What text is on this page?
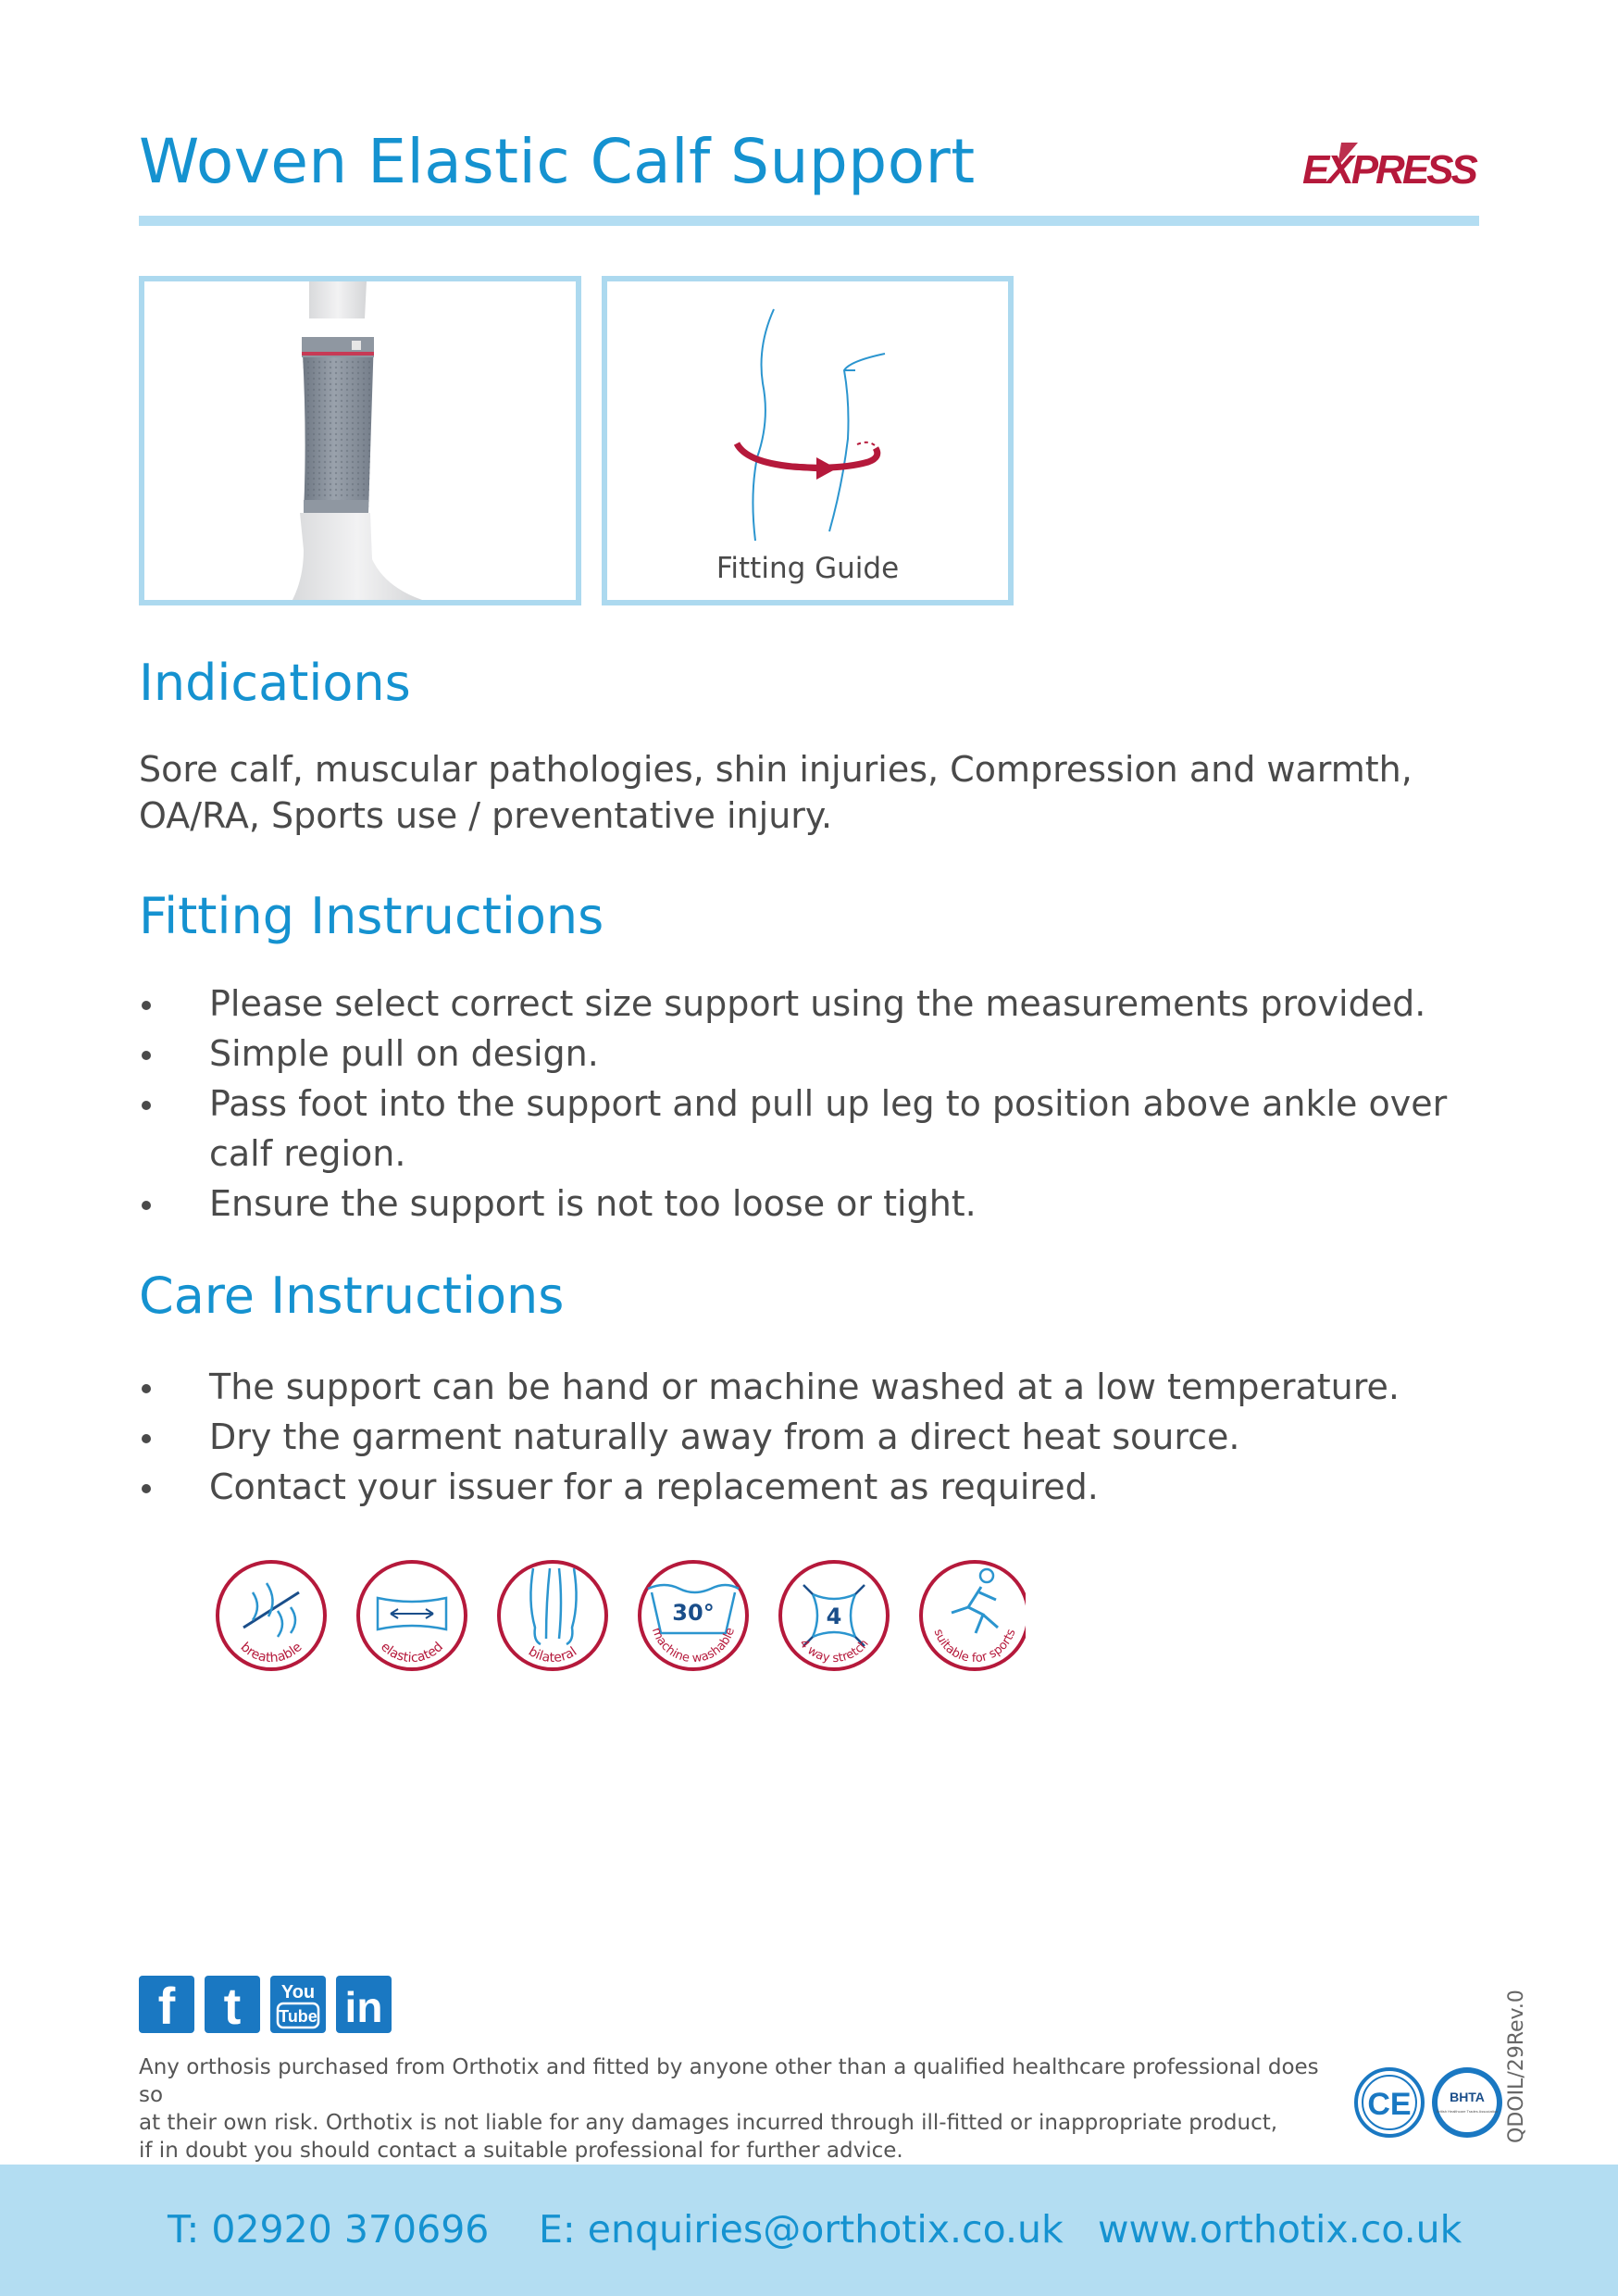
Woven Elastic Calf Support	EXPRESS
Fitting Guide
Indications

Sore calf, muscular pathologies, shin injuries, Compression and warmth, OA/RA, Sports use / preventative injury.

Fitting Instructions
Please select correct size support using the measurements provided.
Simple pull on design.
Pass foot into the support and pull up leg to position above ankle over calf region.
Ensure the support is not too loose or tight.
Care Instructions
The support can be hand or machine washed at a low temperature.
Dry the garment naturally away from a direct heat source.
Contact your issuer for a replacement as required.
breathable	elasticated	bilateral
30°
machine washable
4
4 way stretch
suitable for sports
f
t
You
Tube
in

Any orthosis purchased from Orthotix and fitted by anyone other than a qualified healthcare professional does so
at their own risk. Orthotix is not liable for any damages incurred through ill-fitted or inappropriate product,
if in doubt you should contact a suitable professional for further advice.

CE	BHTA
British Healthcare Trades Association QDOIL/29Rev.0
T: 02920 370696 E: enquiries@orthotix.co.uk www.orthotix.co.uk
